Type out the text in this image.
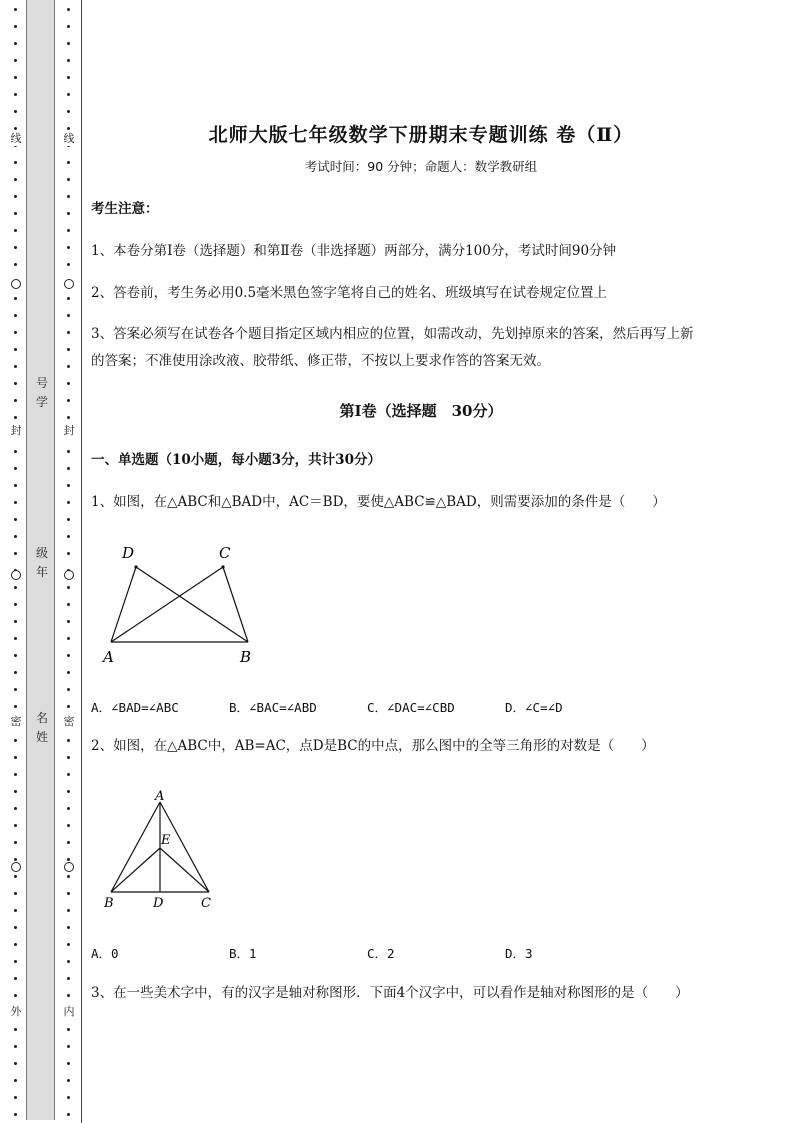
线
封
密
外
号学
级年
名姓
线
封
密
内
北师大版七年级数学下册期末专题训练 卷（Ⅱ）
考试时间：90 分钟；命题人：数学教研组
考生注意：
1、本卷分第Ⅰ卷（选择题）和第Ⅱ卷（非选择题）两部分，满分100分，考试时间90分钟
2、答卷前，考生务必用0.5毫米黑色签字笔将自己的姓名、班级填写在试卷规定位置上
3、答案必须写在试卷各个题目指定区域内相应的位置，如需改动，先划掉原来的答案，然后再写上新
的答案；不准使用涂改液、胶带纸、修正带，不按以上要求作答的答案无效。
第Ⅰ卷（选择题　30分）
一、单选题（10小题，每小题3分，共计30分）
1、如图，在△ABC和△BAD中，AC＝BD，要使△ABC≌△BAD，则需要添加的条件是（　　）
D	C
A	B
A．∠BAD=∠ABC	B．∠BAC=∠ABD	C．∠DAC=∠CBD	D．∠C=∠D
2、如图，在△ABC中，AB=AC，点D是BC的中点，那么图中的全等三角形的对数是（　　）
A
E
B	D	C
A．0	B．1	C．2	D．3
3、在一些美术字中，有的汉字是轴对称图形．下面4个汉字中，可以看作是轴对称图形的是（　　）
